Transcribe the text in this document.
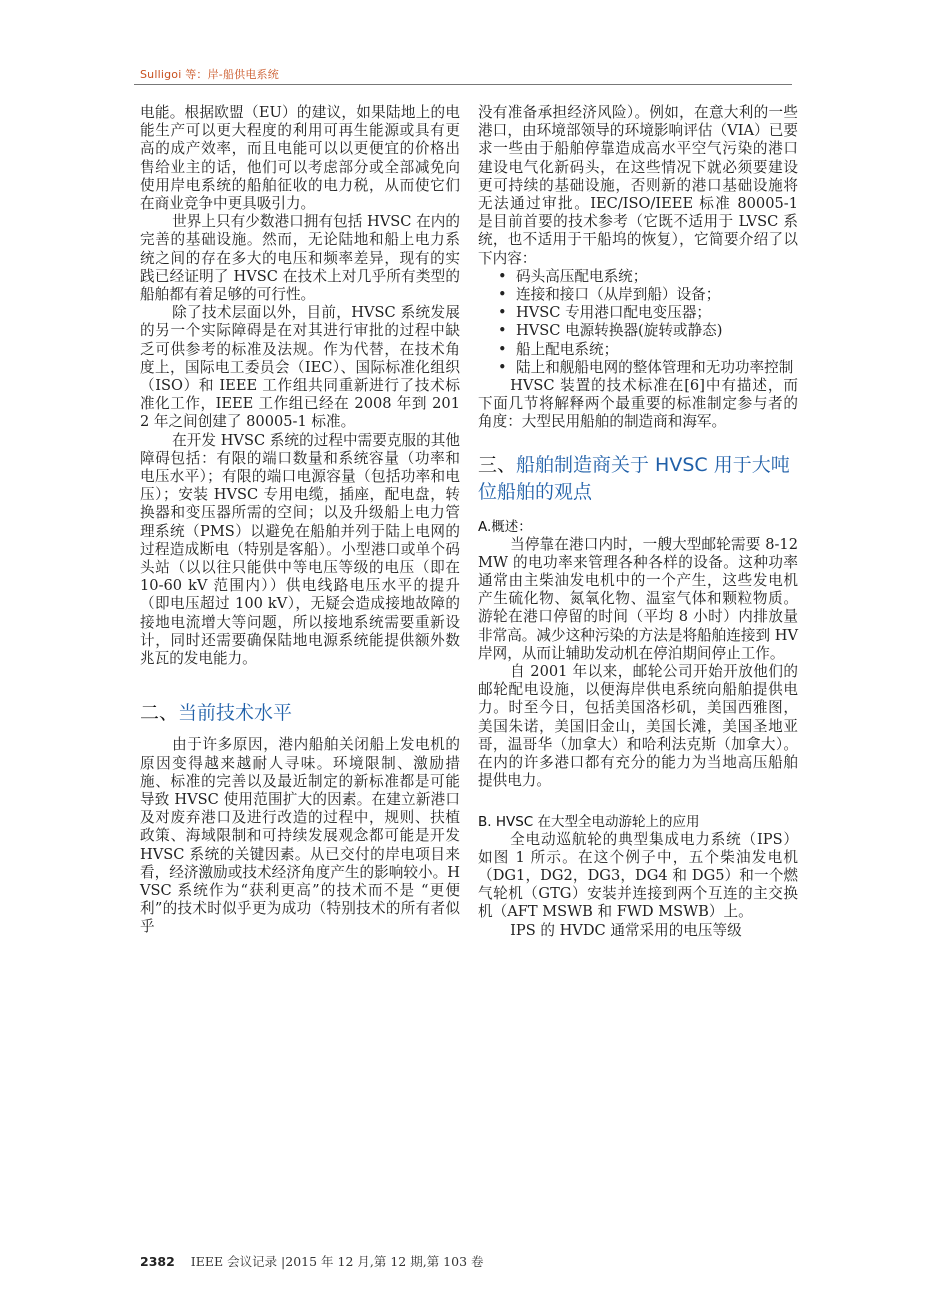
Sulligoi 等：岸-船供电系统

电能。根据欧盟（EU）的建议，如果陆地上的电能生产可以更大程度的利用可再生能源或具有更高的成产效率，而且电能可以以更便宜的价格出售给业主的话，他们可以考虑部分或全部减免向使用岸电系统的船舶征收的电力税，从而使它们在商业竞争中更具吸引力。

世界上只有少数港口拥有包括 HVSC 在内的完善的基础设施。然而，无论陆地和船上电力系统之间的存在多大的电压和频率差异，现有的实践已经证明了 HVSC 在技术上对几乎所有类型的船舶都有着足够的可行性。

除了技术层面以外，目前，HVSC 系统发展的另一个实际障碍是在对其进行审批的过程中缺乏可供参考的标准及法规。作为代替，在技术角度上，国际电工委员会（IEC）、国际标准化组织（ISO）和 IEEE 工作组共同重新进行了技术标准化工作，IEEE 工作组已经在 2008 年到 2012 年之间创建了 80005-1 标准。

在开发 HVSC 系统的过程中需要克服的其他障碍包括：有限的端口数量和系统容量（功率和电压水平）；有限的端口电源容量（包括功率和电压）；安装 HVSC 专用电缆，插座，配电盘，转换器和变压器所需的空间；以及升级船上电力管理系统（PMS）以避免在船舶并列于陆上电网的过程造成断电（特别是客船）。小型港口或单个码头站（以以往只能供中等电压等级的电压（即在 10-60 kV 范围内））供电线路电压水平的提升（即电压超过 100 kV），无疑会造成接地故障的接地电流增大等问题，所以接地系统需要重新设计，同时还需要确保陆地电源系统能提供额外数兆瓦的发电能力。

二、当前技术水平

由于许多原因，港内船舶关闭船上发电机的原因变得越来越耐人寻味。环境限制、激励措施、标准的完善以及最近制定的新标准都是可能导致 HVSC 使用范围扩大的因素。在建立新港口及对废弃港口及进行改造的过程中，规则、扶植政策、海域限制和可持续发展观念都可能是开发 HVSC 系统的关键因素。从已交付的岸电项目来看，经济激励或技术经济角度产生的影响较小。HVSC 系统作为“获利更高”的技术而不是 “更便利”的技术时似乎更为成功（特别技术的所有者似乎

没有准备承担经济风险）。例如，在意大利的一些港口，由环境部领导的环境影响评估（VIA）已要求一些由于船舶停靠造成高水平空气污染的港口建设电气化新码头，在这些情况下就必须要建设更可持续的基础设施，否则新的港口基础设施将无法通过审批。IEC/ISO/IEEE 标准 80005-1 是目前首要的技术参考（它既不适用于 LVSC 系统，也不适用于干船坞的恢复），它简要介绍了以下内容：

• 码头高压配电系统；
• 连接和接口（从岸到船）设备；
• HVSC 专用港口配电变压器；
• HVSC 电源转换器(旋转或静态)
• 船上配电系统；
• 陆上和舰船电网的整体管理和无功功率控制

HVSC 装置的技术标准在[6]中有描述，而下面几节将解释两个最重要的标准制定参与者的角度：大型民用船舶的制造商和海军。

三、船舶制造商关于 HVSC 用于大吨位船舶的观点
A.概述：

当停靠在港口内时，一艘大型邮轮需要 8-12MW 的电功率来管理各种各样的设备。这种功率通常由主柴油发电机中的一个产生，这些发电机产生硫化物、氮氧化物、温室气体和颗粒物质。游轮在港口停留的时间（平均 8 小时）内排放量非常高。减少这种污染的方法是将船舶连接到 HV 岸网，从而让辅助发动机在停泊期间停止工作。

自 2001 年以来，邮轮公司开始开放他们的邮轮配电设施，以便海岸供电系统向船舶提供电力。时至今日，包括美国洛杉矶，美国西雅图，美国朱诺，美国旧金山，美国长滩，美国圣地亚哥，温哥华（加拿大）和哈利法克斯（加拿大）。在内的许多港口都有充分的能力为当地高压船舶提供电力。

B. HVSC 在大型全电动游轮上的应用

全电动巡航轮的典型集成电力系统（IPS）如图 1 所示。在这个例子中，五个柴油发电机（DG1，DG2，DG3，DG4 和 DG5）和一个燃气轮机（GTG）安装并连接到两个互连的主交换机（AFT MSWB 和 FWD MSWB）上。

IPS 的 HVDC 通常采用的电压等级

2382 IEEE 会议记录 |2015 年 12 月,第 12 期,第 103 卷
